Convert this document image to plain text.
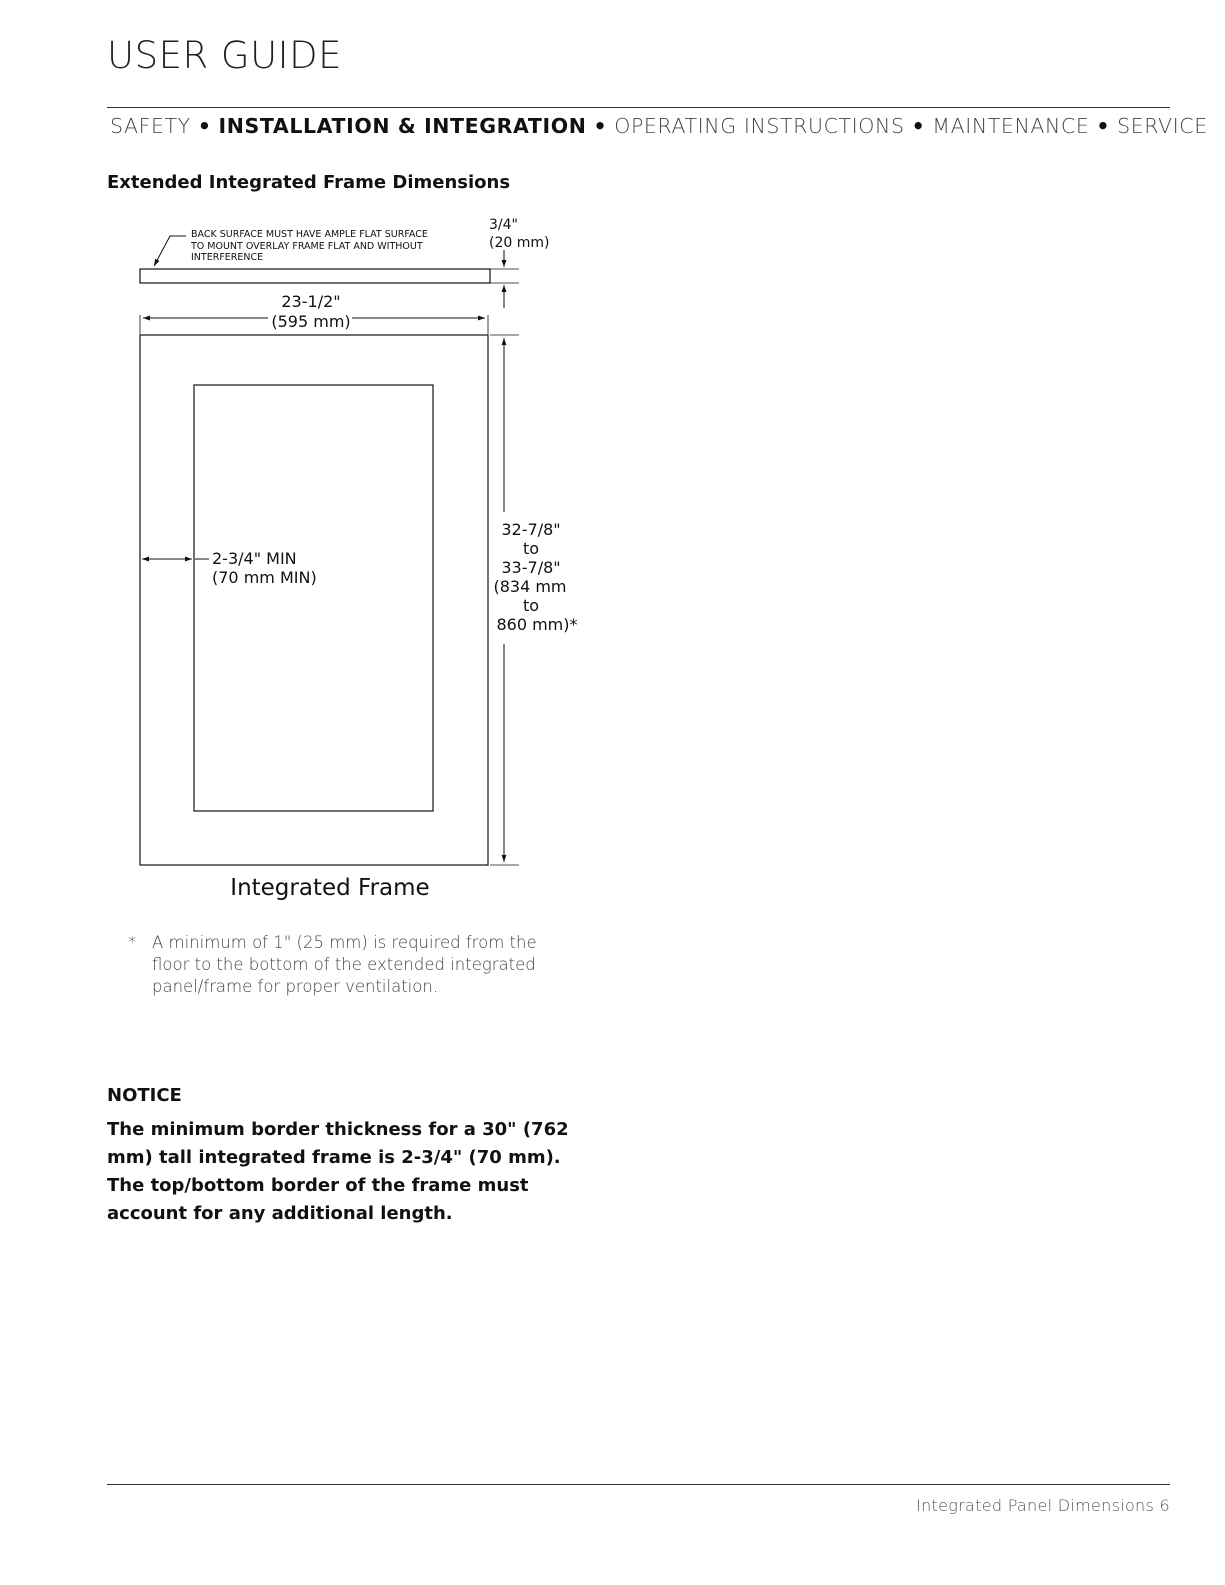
USER GUIDE
SAFETY • INSTALLATION & INTEGRATION • OPERATING INSTRUCTIONS • MAINTENANCE • SERVICE
Extended Integrated Frame Dimensions
BACK SURFACE MUST HAVE AMPLE FLAT SURFACE
TO MOUNT OVERLAY FRAME FLAT AND WITHOUT
INTERFERENCE
3/4"
(20 mm)
23-1/2"
(595 mm)
2-3/4" MIN
(70 mm MIN)
32-7/8"
to
33-7/8"
(834 mm
to
860 mm)*
Integrated Frame
* A minimum of 1" (25 mm) is required from the floor to the bottom of the extended integrated panel/frame for proper ventilation.
NOTICE
The minimum border thickness for a 30" (762 mm) tall integrated frame is 2-3/4" (70 mm). The top/bottom border of the frame must account for any additional length.
Integrated Panel Dimensions 6
